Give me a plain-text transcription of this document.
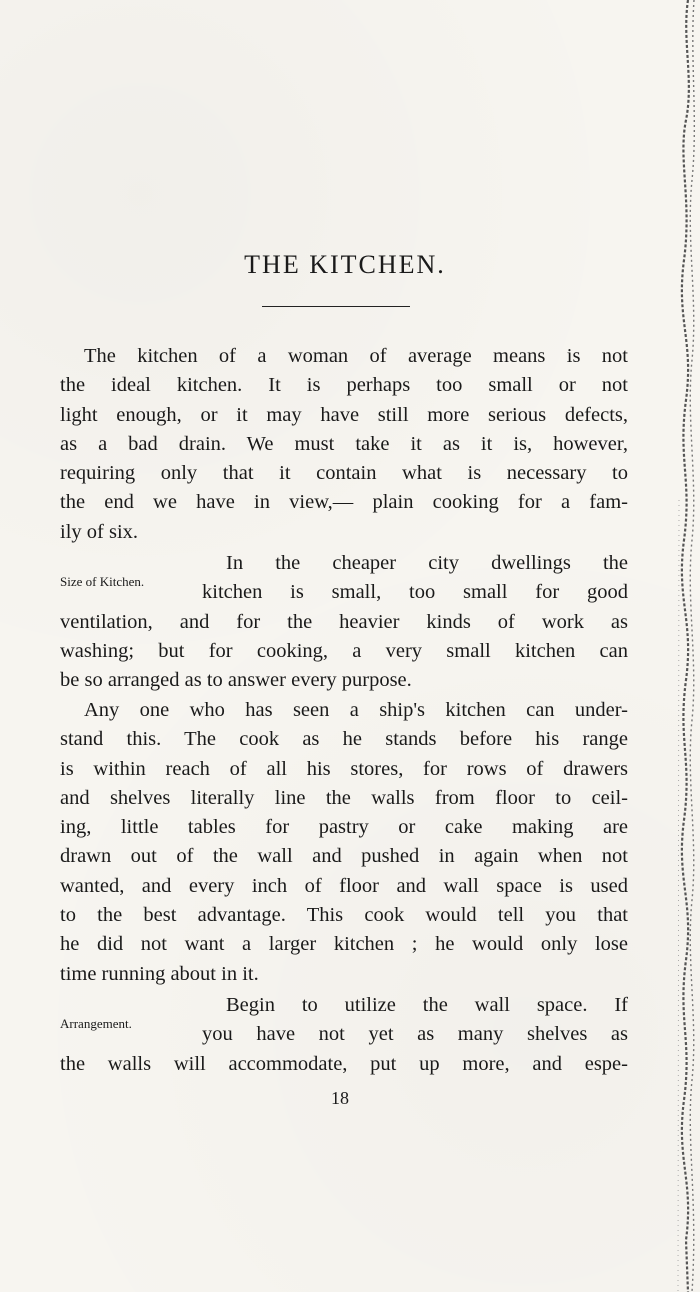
THE KITCHEN.
The kitchen of a woman of average means is not
the ideal kitchen. It is perhaps too small or not
light enough, or it may have still more serious defects,
as a bad drain. We must take it as it is, however,
requiring only that it contain what is necessary to
the end we have in view,— plain cooking for a fam-
ily of six.
Size of Kitchen.
In the cheaper city dwellings the
kitchen is small, too small for good
ventilation, and for the heavier kinds of work as
washing; but for cooking, a very small kitchen can
be so arranged as to answer every purpose.
Any one who has seen a ship's kitchen can under-
stand this. The cook as he stands before his range
is within reach of all his stores, for rows of drawers
and shelves literally line the walls from floor to ceil-
ing, little tables for pastry or cake making are
drawn out of the wall and pushed in again when not
wanted, and every inch of floor and wall space is used
to the best advantage. This cook would tell you that
he did not want a larger kitchen ; he would only lose
time running about in it.
Arrangement.
Begin to utilize the wall space. If
you have not yet as many shelves as
the walls will accommodate, put up more, and espe-
18
